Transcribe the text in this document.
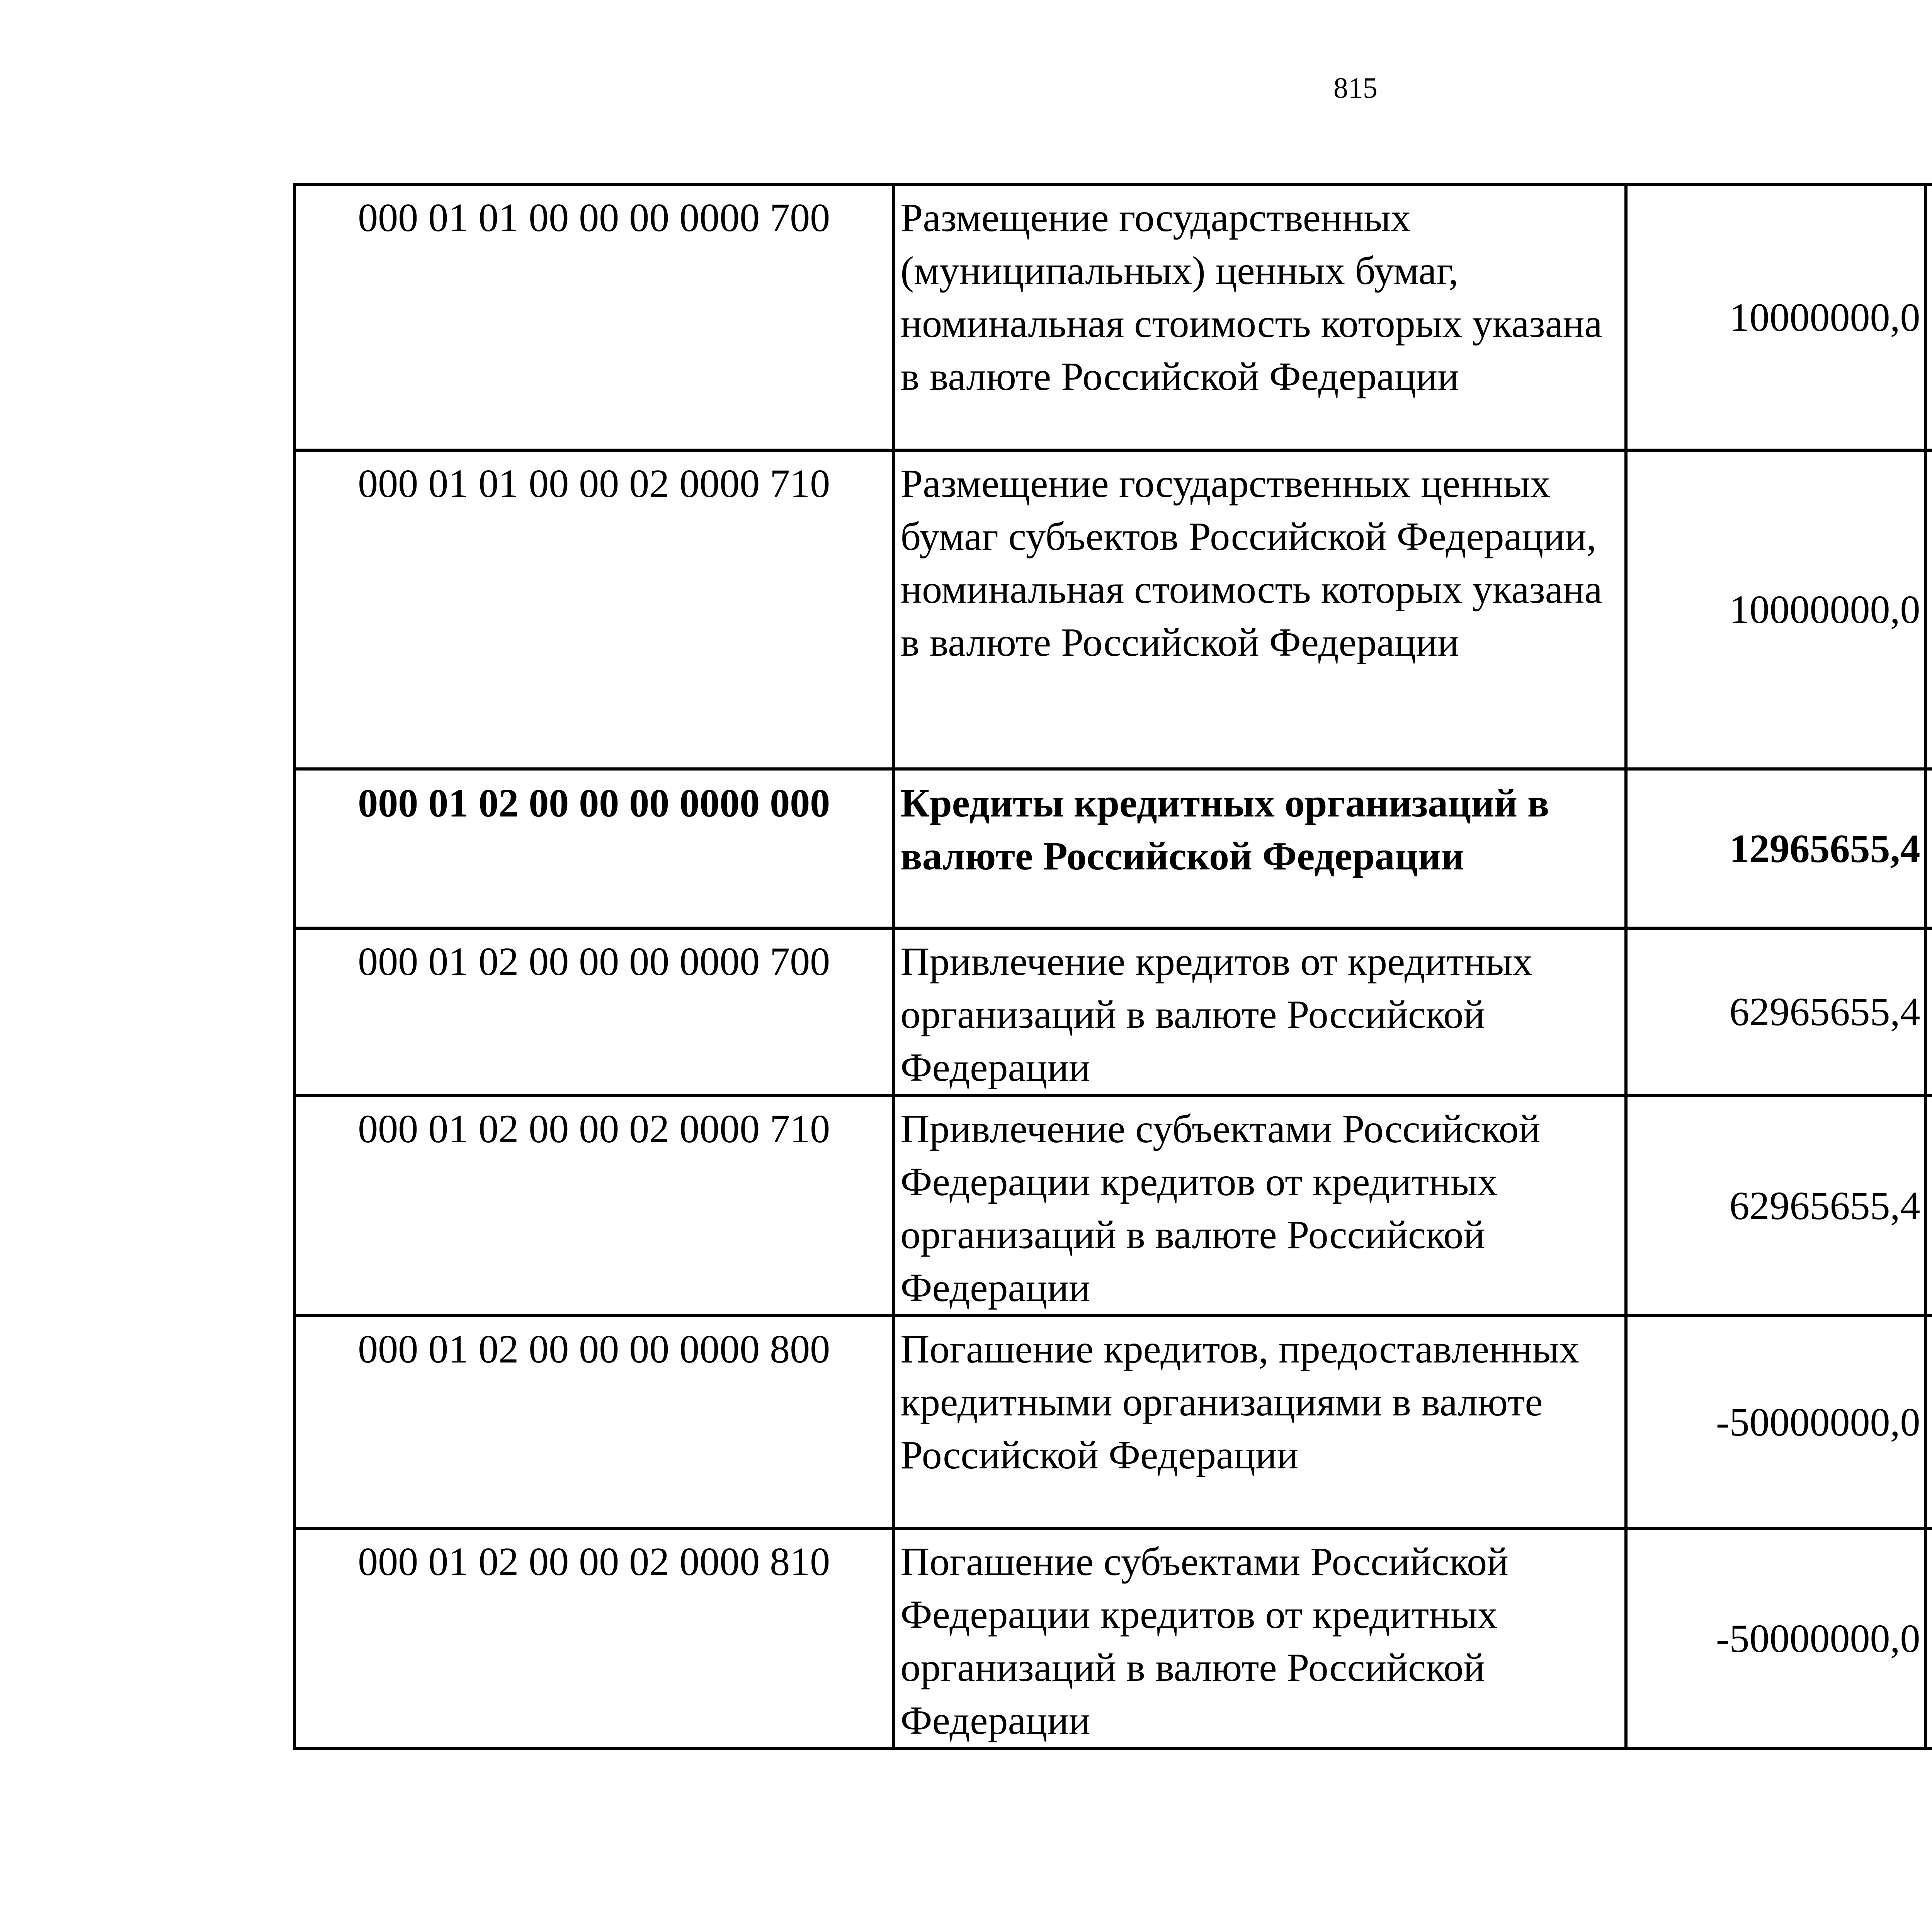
815
000 01 01 00 00 00 0000 700	Размещение государственных (муниципальных) ценных бумаг, номинальная стоимость которых указана в валюте Российской Федерации	10000000,0		
000 01 01 00 00 02 0000 710	Размещение государственных ценных бумаг субъектов Российской Федерации, номинальная стоимость которых указана в валюте Российской Федерации	10000000,0		
000 01 02 00 00 00 0000 000	Кредиты кредитных организаций в валюте Российской Федерации	12965655,4		
000 01 02 00 00 00 0000 700	Привлечение кредитов от кредитных организаций в валюте Российской Федерации	62965655,4		
000 01 02 00 00 02 0000 710	Привлечение субъектами Российской Федерации кредитов от кредитных организаций в валюте Российской Федерации	62965655,4		
000 01 02 00 00 00 0000 800	Погашение кредитов, предоставленных кредитными организациями в валюте Российской Федерации	-50000000,0		
000 01 02 00 00 02 0000 810	Погашение субъектами Российской Федерации кредитов от кредитных организаций в валюте Российской Федерации	-50000000,0		
